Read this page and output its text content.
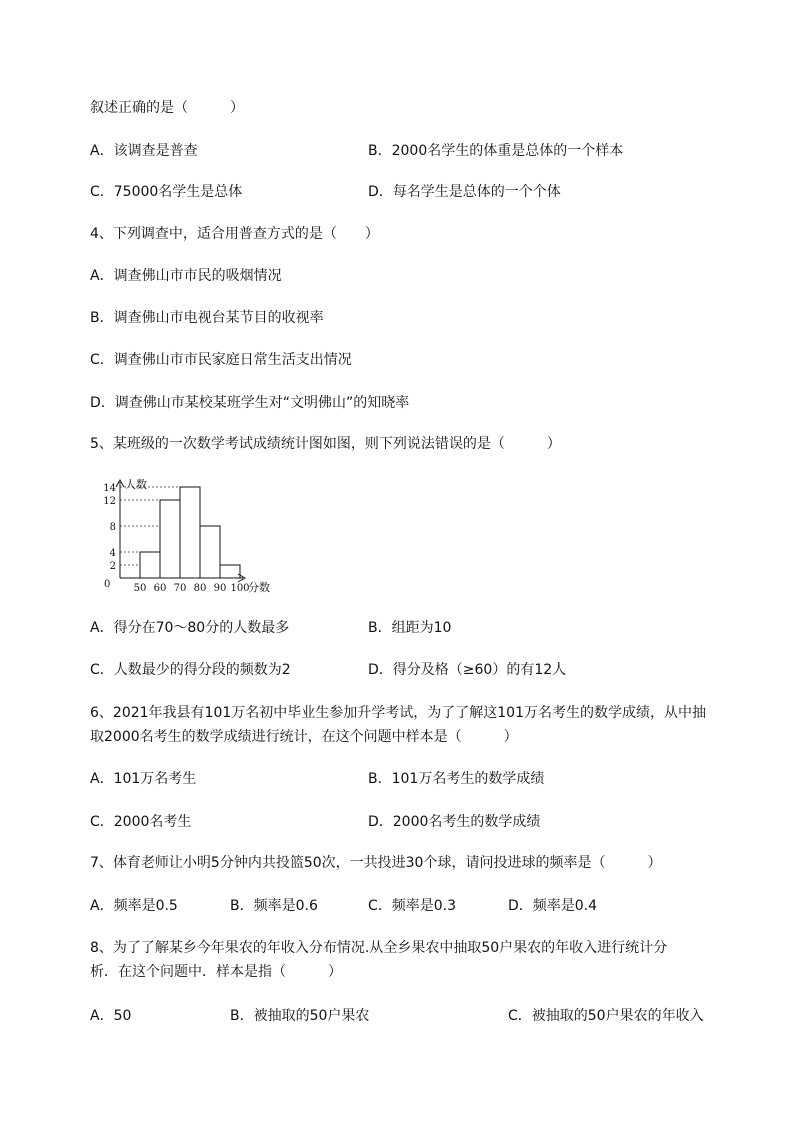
叙述正确的是（　　　）
A．该调查是普查	B．2000名学生的体重是总体的一个样本
C．75000名学生是总体	D．每名学生是总体的一个个体
4、下列调查中，适合用普查方式的是（　　）
A．调查佛山市市民的吸烟情况
B．调查佛山市电视台某节目的收视率
C．调查佛山市市民家庭日常生活支出情况
D．调查佛山市某校某班学生对“文明佛山”的知晓率
5、某班级的一次数学考试成绩统计图如图，则下列说法错误的是（　　　）
人数
分数
0
2
4
8
12
14
50 60 70 80 90 100
A．得分在70～80分的人数最多	B．组距为10
C．人数最少的得分段的频数为2	D．得分及格（≥60）的有12人
6、2021年我县有101万名初中毕业生参加升学考试，为了了解这101万名考生的数学成绩，从中抽
取2000名考生的数学成绩进行统计，在这个问题中样本是（　　　）
A．101万名考生	B．101万名考生的数学成绩
C．2000名考生	D．2000名考生的数学成绩
7、体育老师让小明5分钟内共投篮50次，一共投进30个球，请问投进球的频率是（　　　）
A．频率是0.5	B．频率是0.6	C．频率是0.3	D．频率是0.4
8、为了了解某乡今年果农的年收入分布情况.从全乡果农中抽取50户果农的年收入进行统计分
析．在这个问题中．样本是指（　　　）
A．50	B．被抽取的50户果农	C．被抽取的50户果农的年收入
